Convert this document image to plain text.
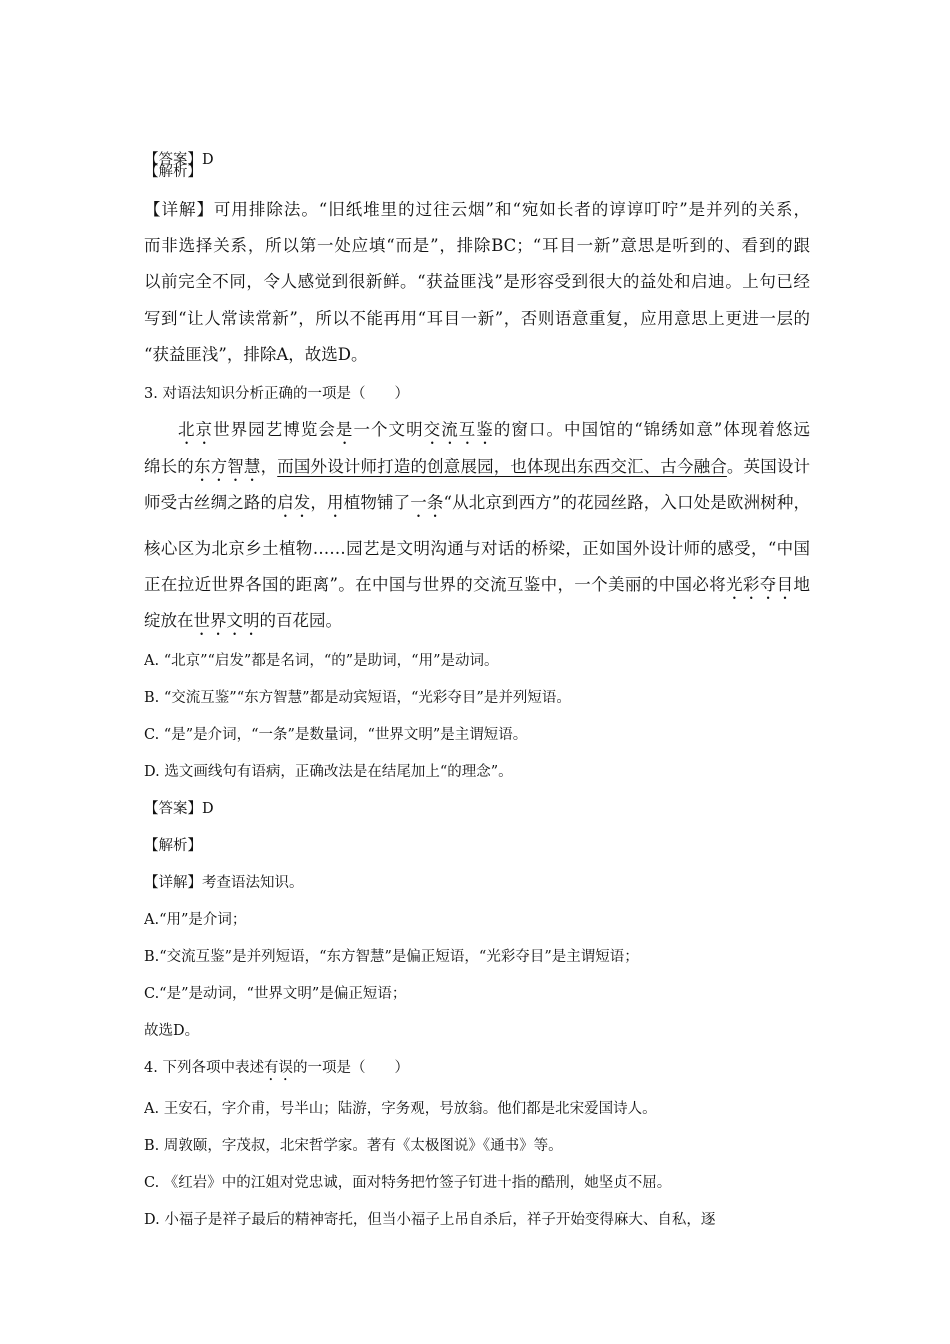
【答案】D
【解析】
【详解】可用排除法。“旧纸堆里的过往云烟”和“宛如长者的谆谆叮咛”是并列的关系，
而非选择关系，所以第一处应填“而是”，排除BC；“耳目一新”意思是听到的、看到的跟
以前完全不同，令人感觉到很新鲜。“获益匪浅”是形容受到很大的益处和启迪。上句已经
写到“让人常读常新”，所以不能再用“耳目一新”，否则语意重复，应用意思上更进一层的
“获益匪浅”，排除A，故选D。
3. 对语法知识分析正确的一项是（　　）
北京世界园艺博览会是一个文明交流互鉴的窗口。中国馆的“锦绣如意”体现着悠远
绵长的东方智慧，而国外设计师打造的创意展园，也体现出东西交汇、古今融合。英国设计
师受古丝绸之路的启发，用植物铺了一条“从北京到西方”的花园丝路，入口处是欧洲树种，
核心区为北京乡土植物……园艺是文明沟通与对话的桥梁，正如国外设计师的感受，“中国
正在拉近世界各国的距离”。在中国与世界的交流互鉴中，一个美丽的中国必将光彩夺目地
绽放在世界文明的百花园。
A. “北京”“启发”都是名词，“的”是助词，“用”是动词。
B. “交流互鉴”“东方智慧”都是动宾短语，“光彩夺目”是并列短语。
C. “是”是介词，“一条”是数量词，“世界文明”是主谓短语。
D. 选文画线句有语病，正确改法是在结尾加上“的理念”。
【答案】D
【解析】
【详解】考查语法知识。
A.“用”是介词；
B.“交流互鉴”是并列短语，“东方智慧”是偏正短语，“光彩夺目”是主谓短语；
C.“是”是动词，“世界文明”是偏正短语；
故选D。
4. 下列各项中表述有误的一项是（　　）
A. 王安石，字介甫，号半山；陆游，字务观，号放翁。他们都是北宋爱国诗人。
B. 周敦颐，字茂叔，北宋哲学家。著有《太极图说》《通书》等。
C. 《红岩》中的江姐对党忠诚，面对特务把竹签子钉进十指的酷刑，她坚贞不屈。
D. 小福子是祥子最后的精神寄托，但当小福子上吊自杀后，祥子开始变得麻大、自私，逐
